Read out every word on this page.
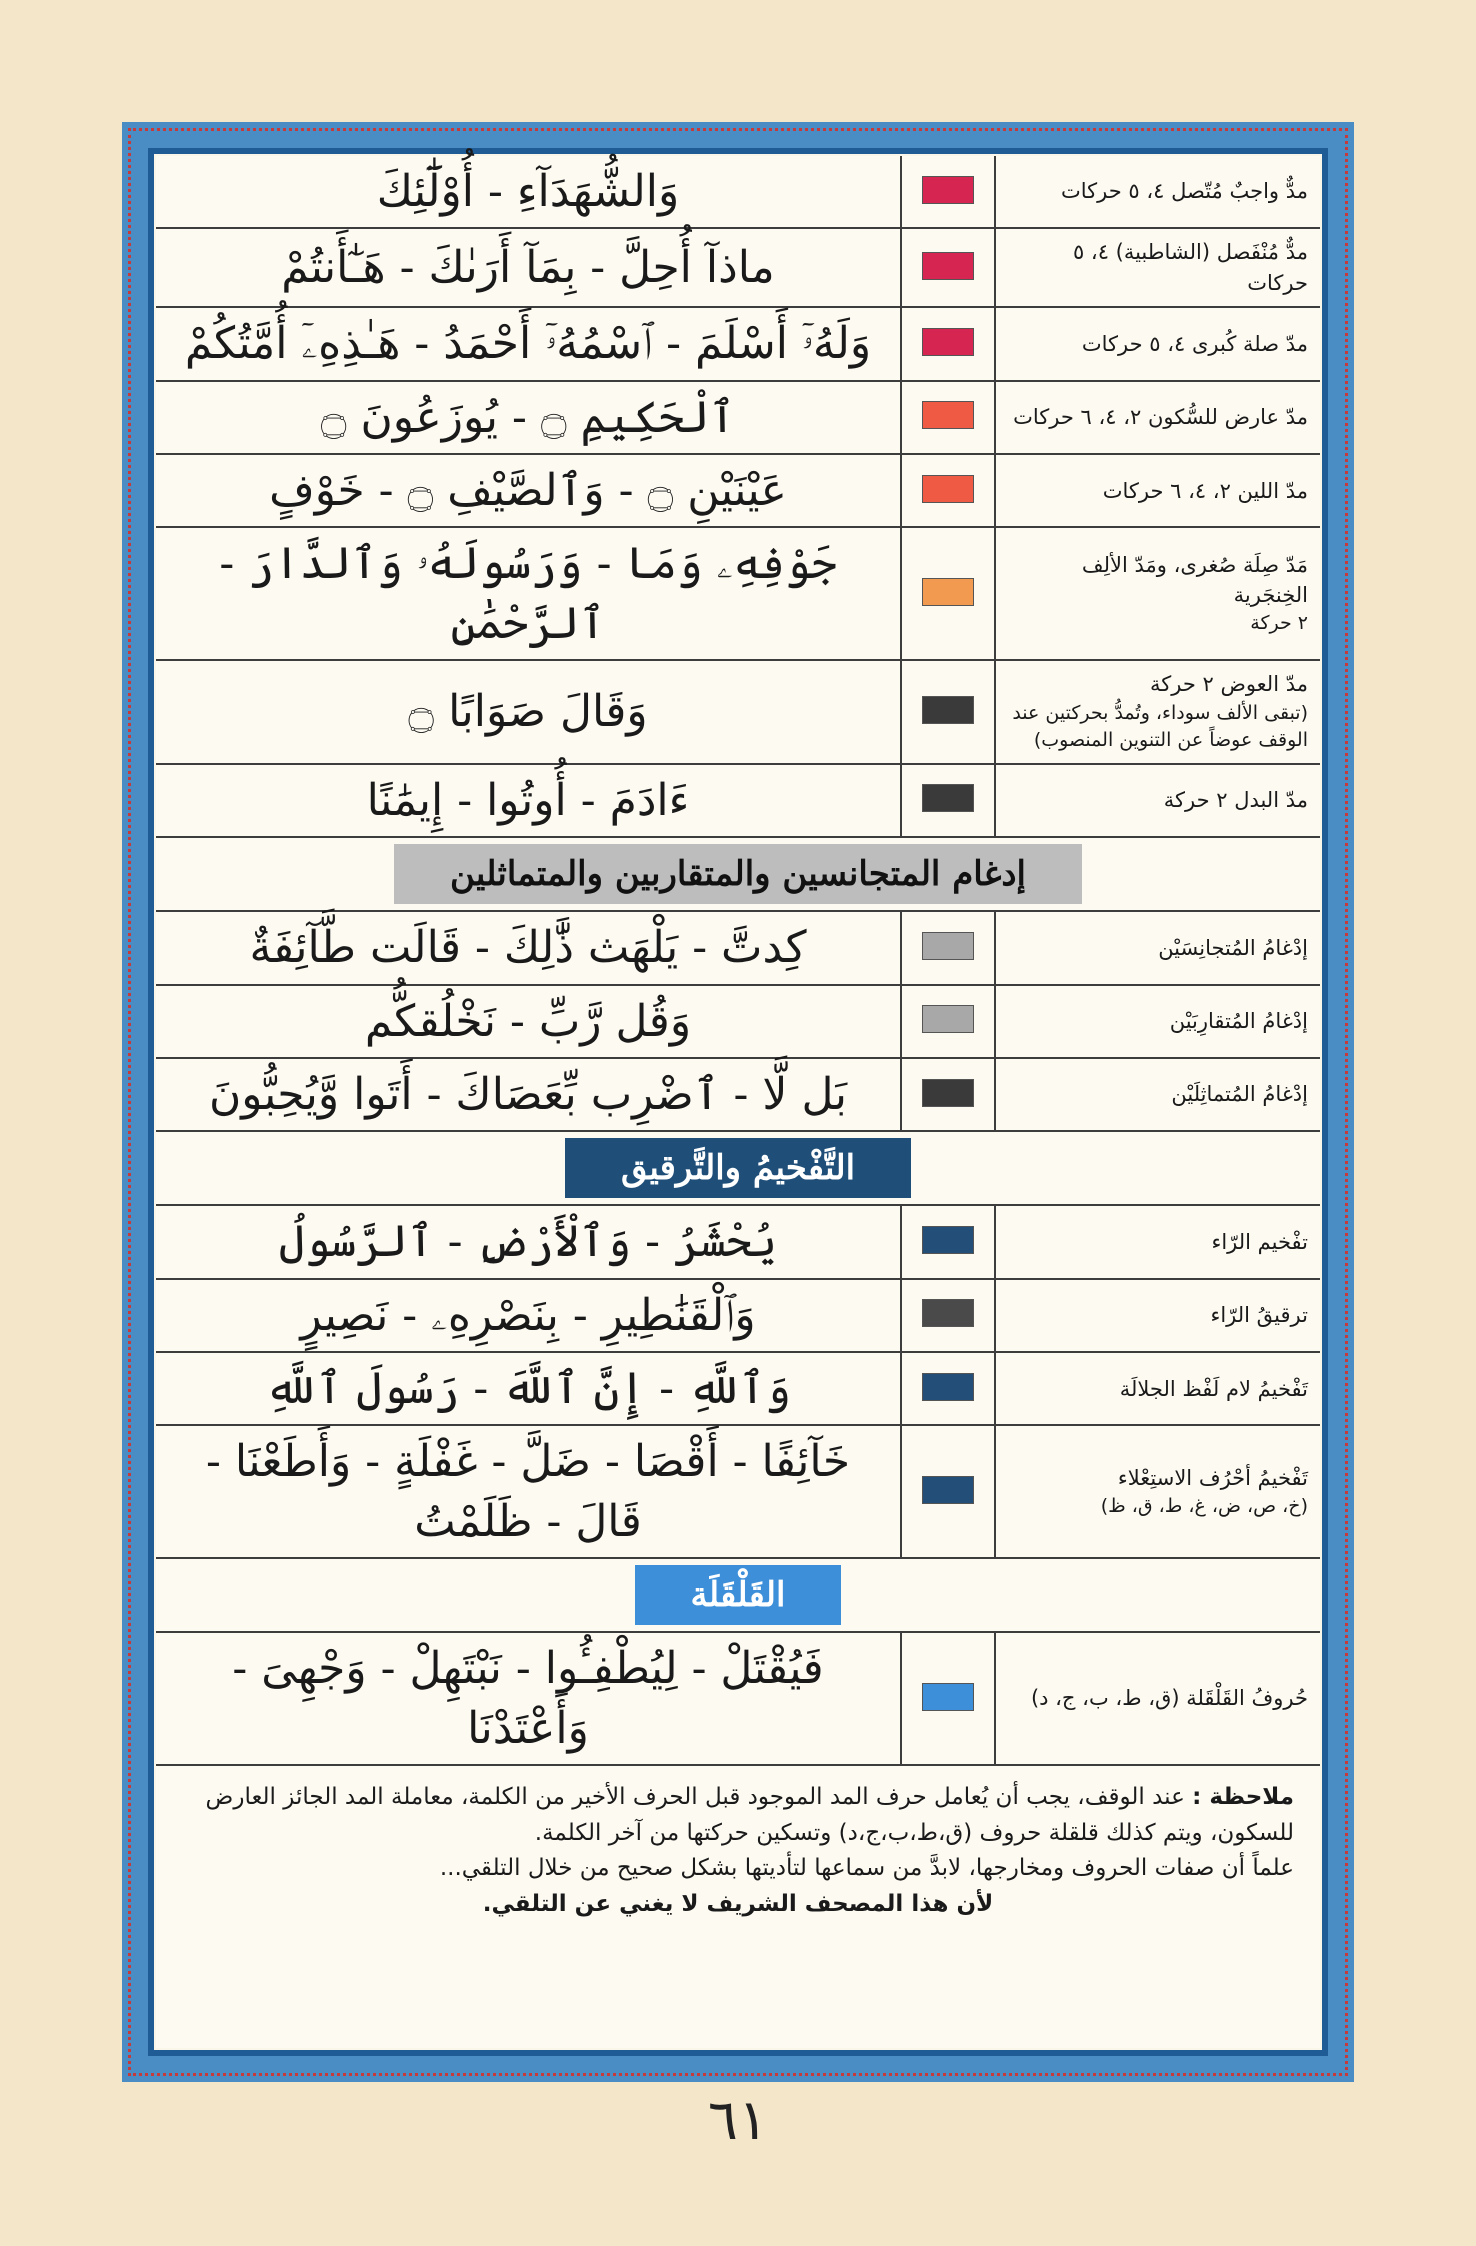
مدٌّ واجبٌ مُتّصل ٤، ٥ حركات		وَالشُّهَدَآءِ - أُوْلَٰٓئِكَ

مدٌّ مُنْفَصل (الشاطبية) ٤، ٥ حركات		ماذآ أُحِلَّ - بِمَآ أَرَىٰكَ - هَـٰٓأَنتُمْ

مدّ صلة كُبرى ٤، ٥ حركات		وَلَهُۥٓ أَسْلَمَ - ٱسْمُهُۥٓ أَحْمَدُ - هَـٰذِهِۦٓ أُمَّتُكُمْ

مدّ عارض للسُّكون ٢، ٤، ٦ حركات		ٱلْحَكِيمِ ۝ - يُوزَعُونَ ۝

مدّ اللين ٢، ٤، ٦ حركات		عَيْنَيْنِ ۝ - وَٱلصَّيْفِ ۝ - خَوْفٍ

مَدّ صِلَة صُغرى، ومَدّ الألِف الخِنجَرية
٢ حركة		جَوْفِهِۦ وَمَا - وَرَسُولَهُۥ وَٱلدَّارَ - ٱلرَّحْمَٰنِ

مدّ العوض ٢ حركة
(تبقى الألف سوداء، وتُمدُّ بحركتين عند الوقف عوضاً عن التنوين المنصوب)		وَقَالَ صَوَابًا ۝

مدّ البدل ٢ حركة		ءَادَمَ - أُوتُوا - إِيمَٰنًا
إدغام المتجانسين والمتقاربين والمتماثلين		

إدْغامُ المُتجانِسَيْن		كِدتَّ - يَلْهَث ذَّٰلِكَ - قَالَت طَّآئِفَةٌ

إدْغامُ المُتقارِبَيْن		وَقُل رَّبِّ - نَخْلُقكُّم

إدْغامُ المُتماثِلَيْن		بَل لَّا - ٱضْرِب بِّعَصَاكَ - أَتَوا وَّيُحِبُّونَ
التَّفْخيمُ والتَّرقيق		

تفْخيم الرّاء		يُحْشَرُ - وَٱلْأَرْضِ - ٱلرَّسُولُ

ترقيقُ الرّاء		وَٱلْقَنَٰطِيرِ - بِنَصْرِهِۦ - نَصِيرٍ

تَفْخيمُ لام لَفْظ الجلالَة		وَٱللَّهِ - إِنَّ ٱللَّهَ - رَسُولَ ٱللَّهِ

تَفْخيمُ أحْرُف الاستِعْلاء
(خ، ص، ض، غ، ط، ق، ظ)		خَآئِفًا - أَقْصَا - ضَلَّ - غَفْلَةٍ - وَأَطَعْنَا - قَالَ - ظَلَمْتُ
القَلْقَلَة		

حُروفُ القَلْقَلة (ق، ط، ب، ج، د)		فَيُقْتَلْ - لِيُطْفِـُٔوا - نَبْتَهِلْ - وَجْهِىَ - وَأَعْتَدْنَا
ملاحظة : عند الوقف، يجب أن يُعامل حرف المد الموجود قبل الحرف الأخير من الكلمة، معاملة المد الجائز العارض للسكون، ويتم كذلك قلقلة حروف (ق،ط،ب،ج،د) وتسكين حركتها من آخر الكلمة.
علماً أن صفات الحروف ومخارجها، لابدَّ من سماعها لتأديتها بشكل صحيح من خلال التلقي...
لأن هذا المصحف الشريف لا يغني عن التلقي.
٦١
